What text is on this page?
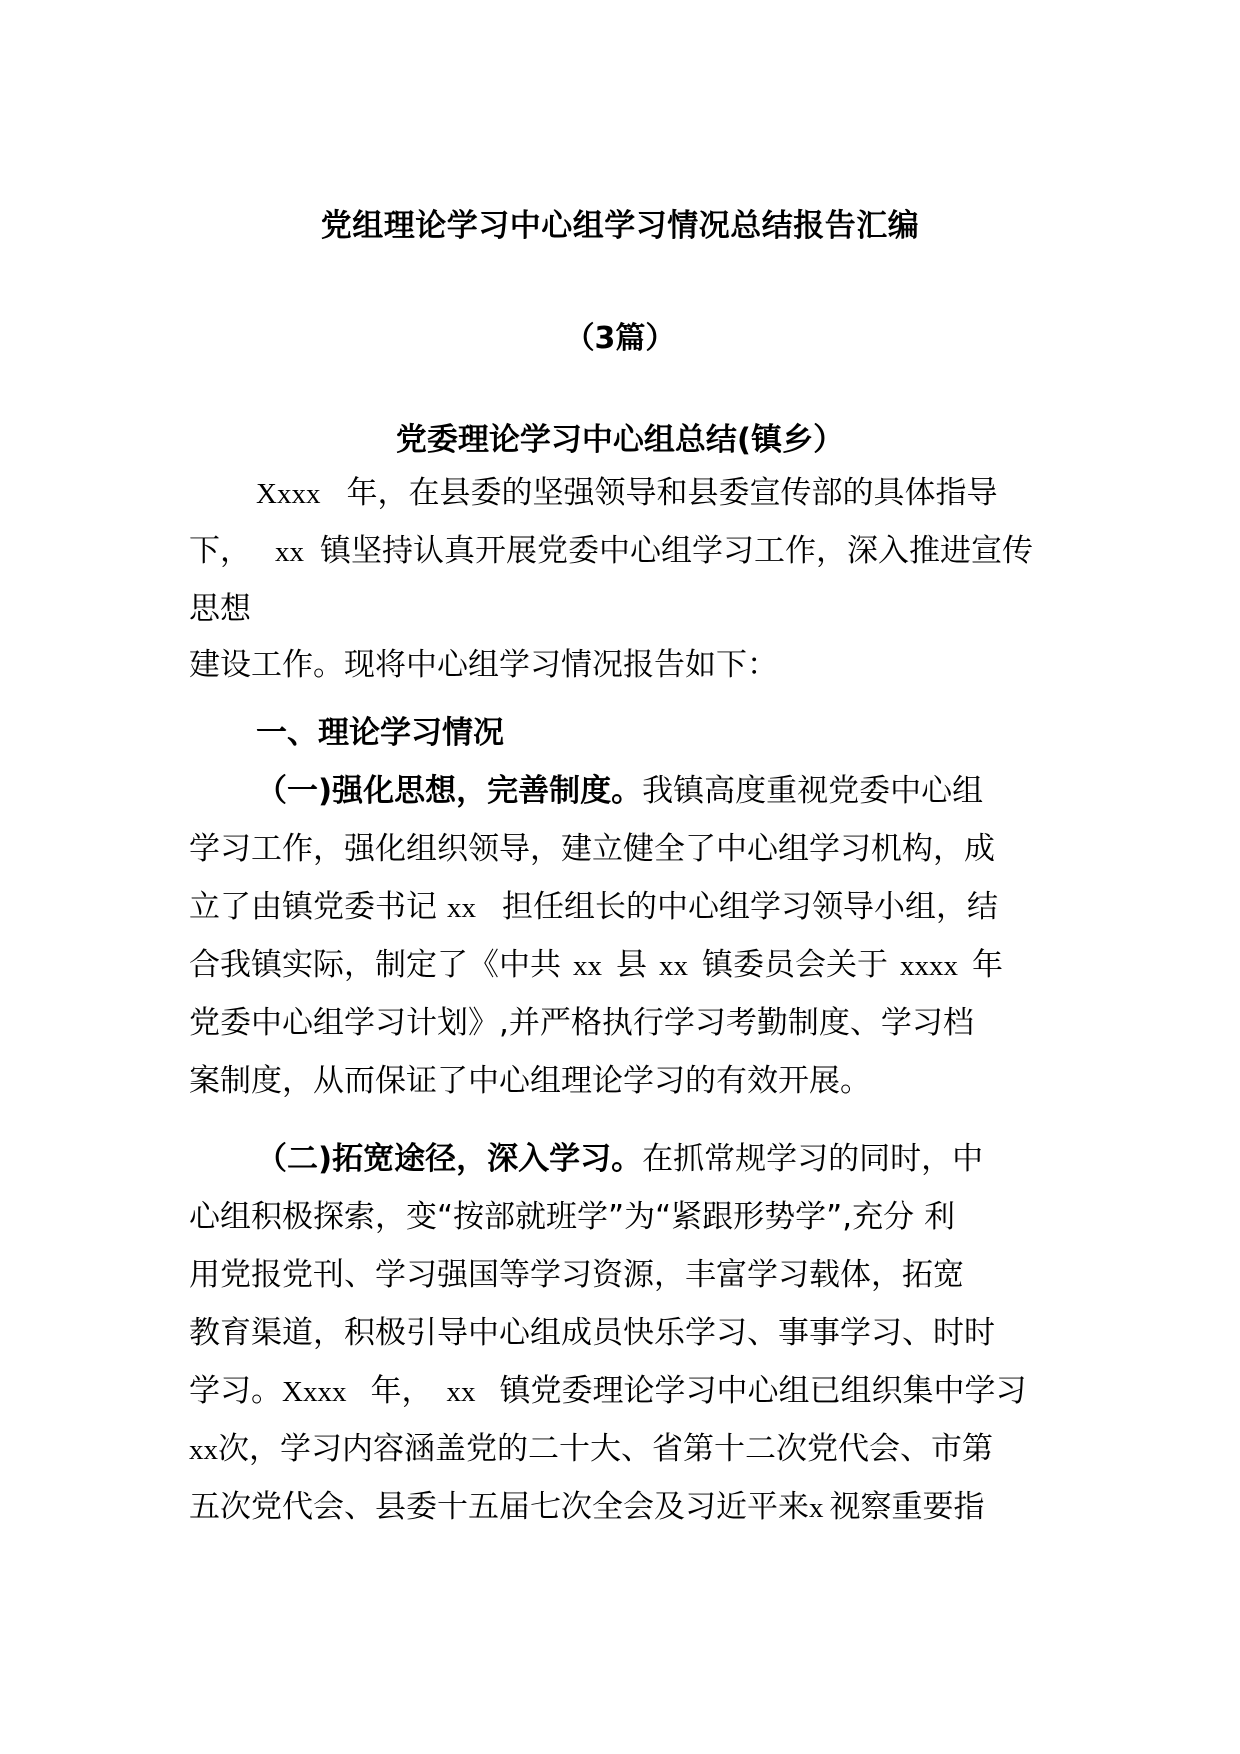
党组理论学习中心组学习情况总结报告汇编
（3篇）
党委理论学习中心组总结(镇乡）
Xxxx 年，在县委的坚强领导和县委宣传部的具体指导
下， xx 镇坚持认真开展党委中心组学习工作，深入推进宣传
思想
建设工作。现将中心组学习情况报告如下：
一、理论学习情况
（一)强化思想，完善制度。我镇高度重视党委中心组
学习工作，强化组织领导，建立健全了中心组学习机构，成
立了由镇党委书记 xx 担任组长的中心组学习领导小组，结
合我镇实际，制定了《中共 xx 县 xx 镇委员会关于 xxxx 年
党委中心组学习计划》,并严格执行学习考勤制度、学习档
案制度，从而保证了中心组理论学习的有效开展。
（二)拓宽途径，深入学习。在抓常规学习的同时，中
心组积极探索，变“按部就班学”为“紧跟形势学”,充分 利
用党报党刊、学习强国等学习资源，丰富学习载体，拓宽
教育渠道，积极引导中心组成员快乐学习、事事学习、时时
学习。Xxxx 年， xx 镇党委理论学习中心组已组织集中学习
xx次，学习内容涵盖党的二十大、省第十二次党代会、市第
五次党代会、县委十五届七次全会及习近平来x 视察重要指
